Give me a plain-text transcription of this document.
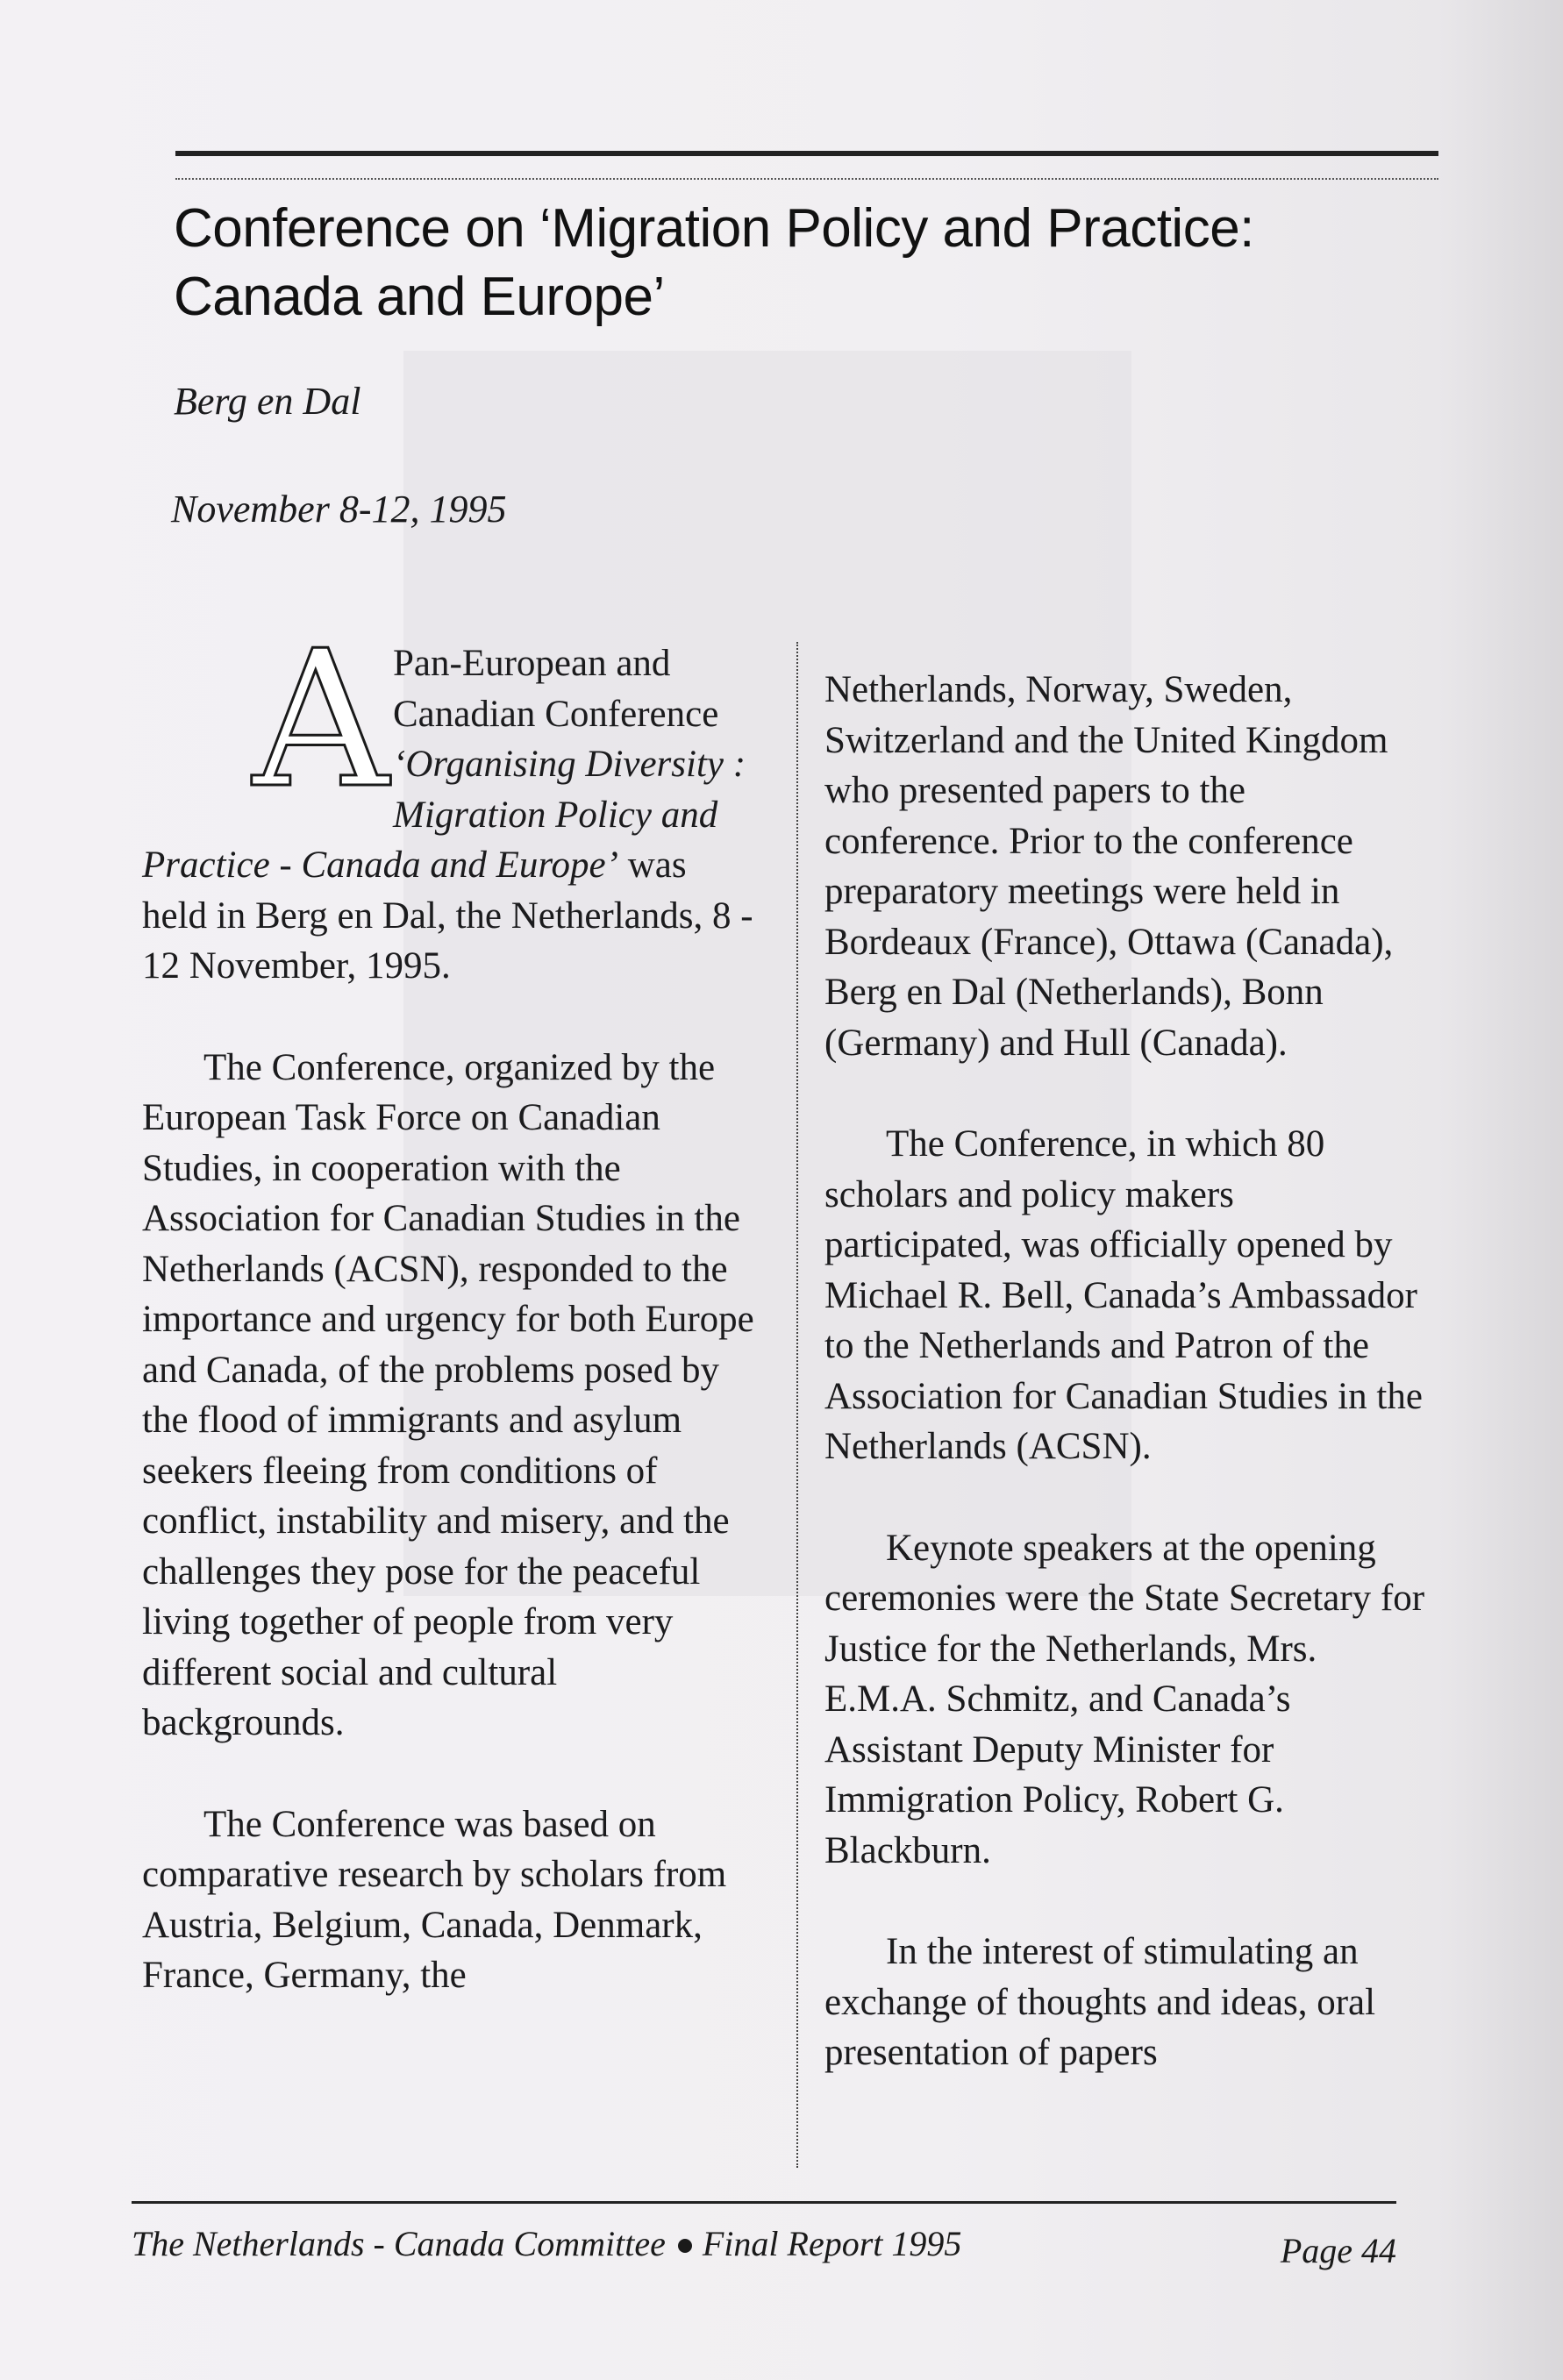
Conference on ‘Migration Policy and Practice: Canada and Europe’

Berg en Dal

November 8-12, 1995

A Pan-European and Canadian Conference ‘Organising Diversity : Migration Policy and Practice - Canada and Europe’ was held in Berg en Dal, the Netherlands, 8 - 12 November, 1995.

The Conference, organized by the European Task Force on Canadian Studies, in cooperation with the Association for Canadian Studies in the Netherlands (ACSN), responded to the importance and urgency for both Europe and Canada, of the problems posed by the flood of immigrants and asylum seekers fleeing from conditions of conflict, instability and misery, and the challenges they pose for the peaceful living together of people from very different social and cultural backgrounds.

The Conference was based on comparative research by scholars from Austria, Belgium, Canada, Denmark, France, Germany, the

Netherlands, Norway, Sweden, Switzerland and the United Kingdom who presented papers to the conference. Prior to the conference preparatory meetings were held in Bordeaux (France), Ottawa (Canada), Berg en Dal (Netherlands), Bonn (Germany) and Hull (Canada).

The Conference, in which 80 scholars and policy makers participated, was officially opened by Michael R. Bell, Canada’s Ambassador to the Netherlands and Patron of the Association for Canadian Studies in the Netherlands (ACSN).

Keynote speakers at the opening ceremonies were the State Secretary for Justice for the Netherlands, Mrs. E.M.A. Schmitz, and Canada’s Assistant Deputy Minister for Immigration Policy, Robert G. Blackburn.

In the interest of stimulating an exchange of thoughts and ideas, oral presentation of papers

The Netherlands - Canada Committee Final Report 1995	Page 44
